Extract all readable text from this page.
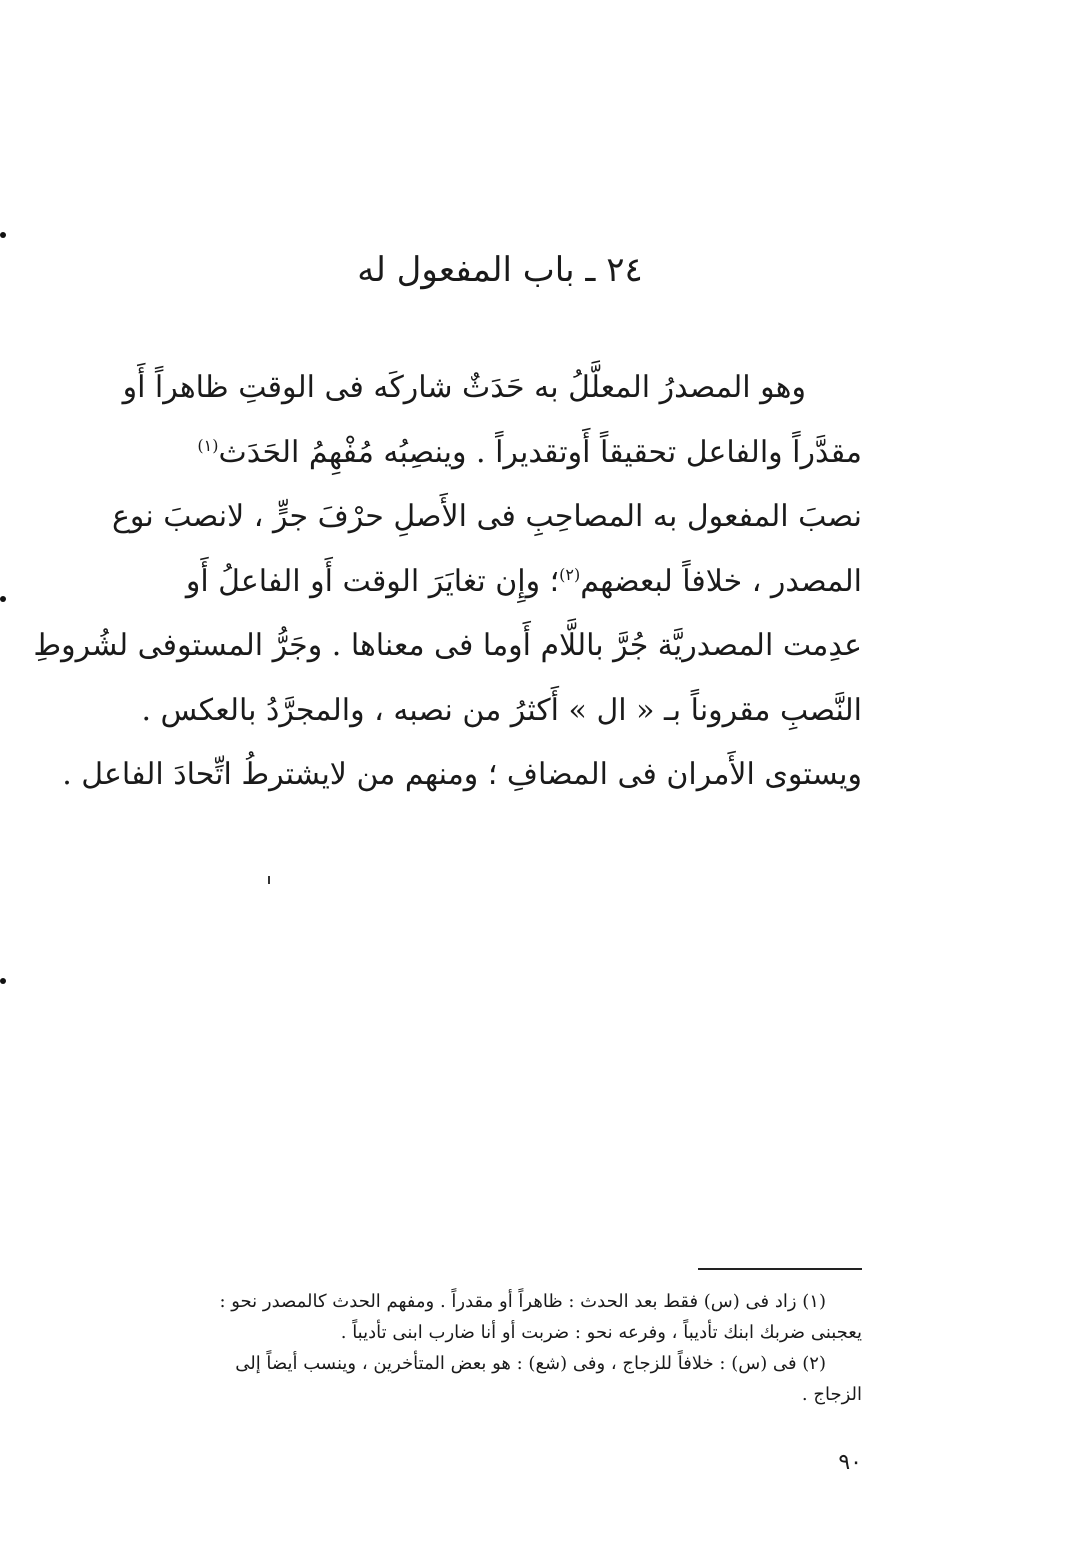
٢٤ ـ باب المفعول له
وهو المصدرُ المعلَّلُ به حَدَثٌ شاركَه فى الوقتِ ظاهراً أَو
مقدَّراً والفاعل تحقيقاً أَوتقديراً . وينصِبُه مُفْهِمُ الحَدَث$^{(١)}$
نصبَ المفعول به المصاحِبِ فى الأَصلِ حرْفَ جرٍّ ، لانصبَ نوع
المصدر ، خلافاً لبعضهم$^{(٢)}$؛ وإِن تغايَرَ الوقت أَو الفاعلُ أَو
عدِمت المصدريَّة جُرَّ باللَّام أَوما فى معناها . وجَرُّ المستوفى لشُروطِ
النَّصبِ مقروناً بـ « ال » أَكثرُ من نصبه ، والمجرَّدُ بالعكس .
ويستوى الأَمران فى المضافِ ؛ ومنهم من لايشترطُ اتِّحادَ الفاعل .
(١) زاد فى (س) فقط بعد الحدث : ظاهراً أو مقدراً . ومفهم الحدث كالمصدر نحو :
يعجبنى ضربك ابنك تأديباً ، وفرعه نحو : ضربت أو أنا ضارب ابنى تأديباً .
(٢) فى (س) : خلافاً للزجاج ، وفى (شع) : هو بعض المتأخرين ، وينسب أيضاً إلى
الزجاج .
٩٠
